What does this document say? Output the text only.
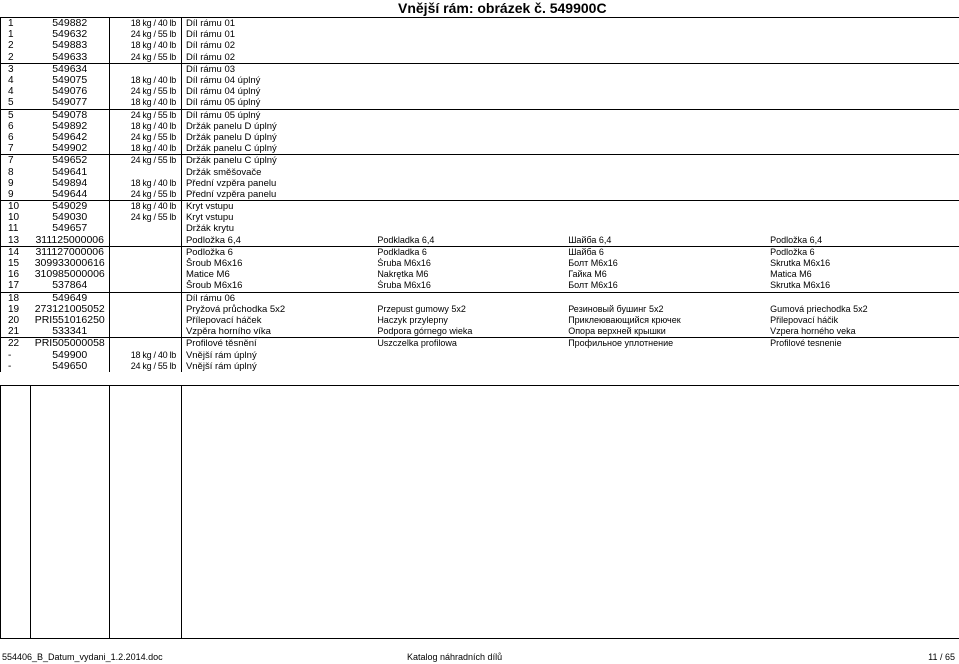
Vnější rám: obrázek č. 549900C
1	549882	18 kg / 40 lb	Díl rámu 01			
1	549632	24 kg / 55 lb	Díl rámu 01			
2	549883	18 kg / 40 lb	Díl rámu 02			
2	549633	24 kg / 55 lb	Díl rámu 02			
3	549634		Díl rámu 03			
4	549075	18 kg / 40 lb	Díl rámu 04 úplný			
4	549076	24 kg / 55 lb	Díl rámu 04 úplný			
5	549077	18 kg / 40 lb	Díl rámu 05 úplný			
5	549078	24 kg / 55 lb	Díl rámu 05 úplný			
6	549892	18 kg / 40 lb	Držák panelu D úplný			
6	549642	24 kg / 55 lb	Držák panelu D úplný			
7	549902	18 kg / 40 lb	Držák panelu C úplný			
7	549652	24 kg / 55 lb	Držák panelu C úplný			
8	549641		Držák směšovače			
9	549894	18 kg / 40 lb	Přední vzpěra panelu			
9	549644	24 kg / 55 lb	Přední vzpěra panelu			
10	549029	18 kg / 40 lb	Kryt vstupu			
10	549030	24 kg / 55 lb	Kryt vstupu			
11	549657		Držák krytu			
13	311125000006		Podložka 6,4	Podkladka 6,4	Шайба 6,4	Podložka 6,4
14	311127000006		Podložka 6	Podkladka 6	Шайба 6	Podložka 6
15	309933000616		Šroub M6x16	Śruba M6x16	Болт M6x16	Skrutka M6x16
16	310985000006		Matice M6	Nakrętka M6	Гайка M6	Matica M6
17	537864		Šroub M6x16	Śruba M6x16	Болт M6x16	Skrutka M6x16
18	549649		Díl rámu 06			
19	273121005052		Pryžová průchodka 5x2	Przepust gumowy 5x2	Резиновый бушинг 5x2	Gumová priechodka 5x2
20	PRI551016250		Přílepovací háček	Haczyk przylepny	Приклеювающийся крючек	Přilepovací háčik
21	533341		Vzpěra horního víka	Podpora górnego wieka	Опора верхней крышки	Vzpera horného veka
22	PRI505000058		Profilové těsnění	Uszczelka profilowa	Профильное уплотнение	Profilové tesnenie
-	549900	18 kg / 40 lb	Vnější rám úplný			
-	549650	24 kg / 55 lb	Vnější rám úplný			
554406_B_Datum_vydani_1.2.2014.doc	Katalog náhradních dílů	11 / 65
